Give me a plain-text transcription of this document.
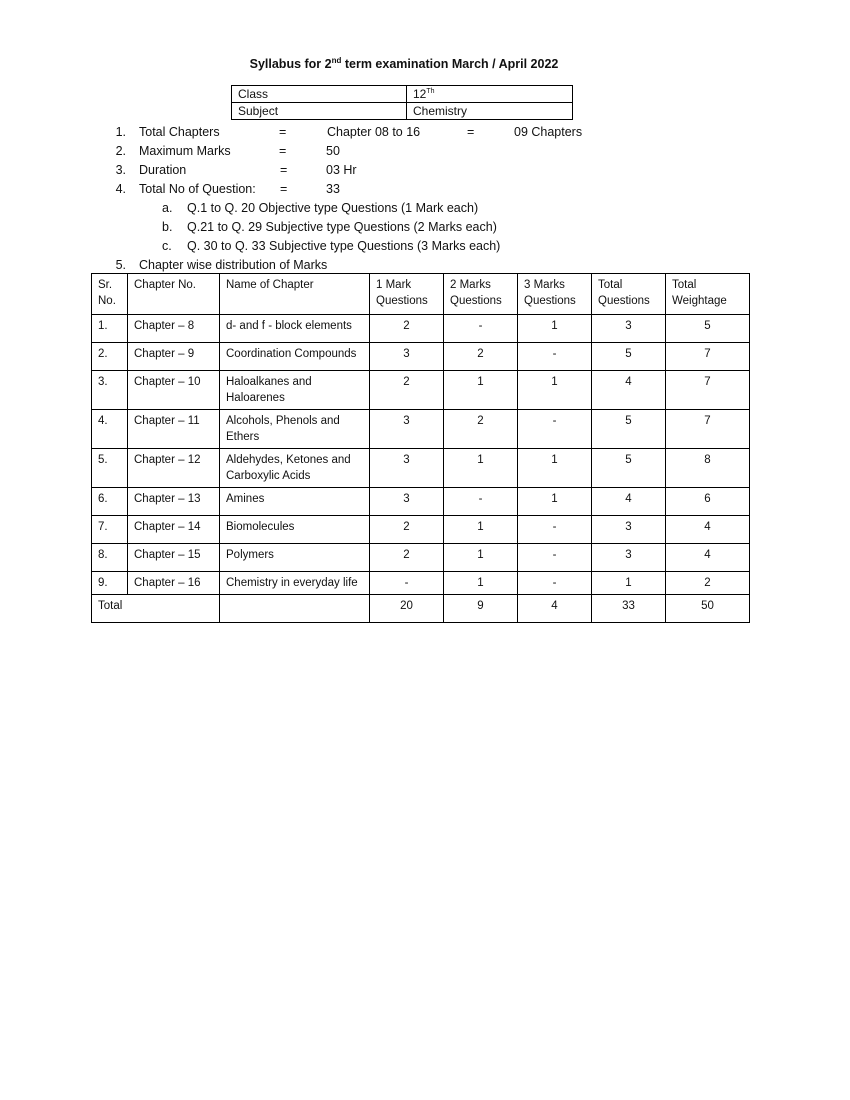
Syllabus for 2nd term examination March / April 2022
Class	12Th
Subject	Chemistry
1. Total Chapters	=	Chapter 08 to 16	=	09 Chapters
2. Maximum Marks	=	50
3. Duration	=	03 Hr
4. Total No of Question: =	33
a. Q.1 to Q. 20 Objective type Questions (1 Mark each)
b. Q.21 to Q. 29 Subjective type Questions (2 Marks each)
c. Q. 30 to Q. 33 Subjective type Questions (3 Marks each)
5. Chapter wise distribution of Marks
Sr. No.	Chapter No.	Name of Chapter	1 Mark Questions	2 Marks Questions	3 Marks Questions	Total Questions	Total Weightage
1.	Chapter – 8	d- and f - block elements	2	-	1	3	5
2.	Chapter – 9	Coordination Compounds	3	2	-	5	7
3.	Chapter – 10	Haloalkanes and Haloarenes	2	1	1	4	7
4.	Chapter – 11	Alcohols, Phenols and Ethers	3	2	-	5	7
5.	Chapter – 12	Aldehydes, Ketones and Carboxylic Acids	3	1	1	5	8
6.	Chapter – 13	Amines	3	-	1	4	6
7.	Chapter – 14	Biomolecules	2	1	-	3	4
8.	Chapter – 15	Polymers	2	1	-	3	4
9.	Chapter – 16	Chemistry in everyday life	-	1	-	1	2
Total			20	9	4	33	50
